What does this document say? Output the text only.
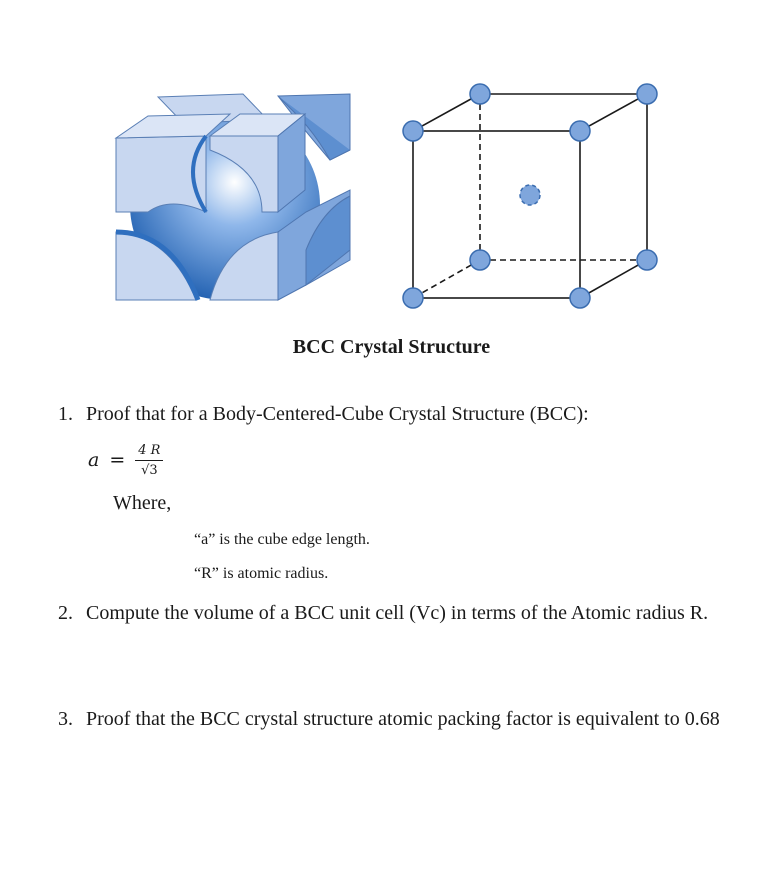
BCC Crystal Structure
1. Proof that for a Body-Centered-Cube Crystal Structure (BCC):
$a = \frac{4 R}{√3}$
Where,
“a” is the cube edge length.
“R” is atomic radius.
2. Compute the volume of a BCC unit cell (Vc) in terms of the Atomic radius R.
3. Proof that the BCC crystal structure atomic packing factor is equivalent to 0.68
